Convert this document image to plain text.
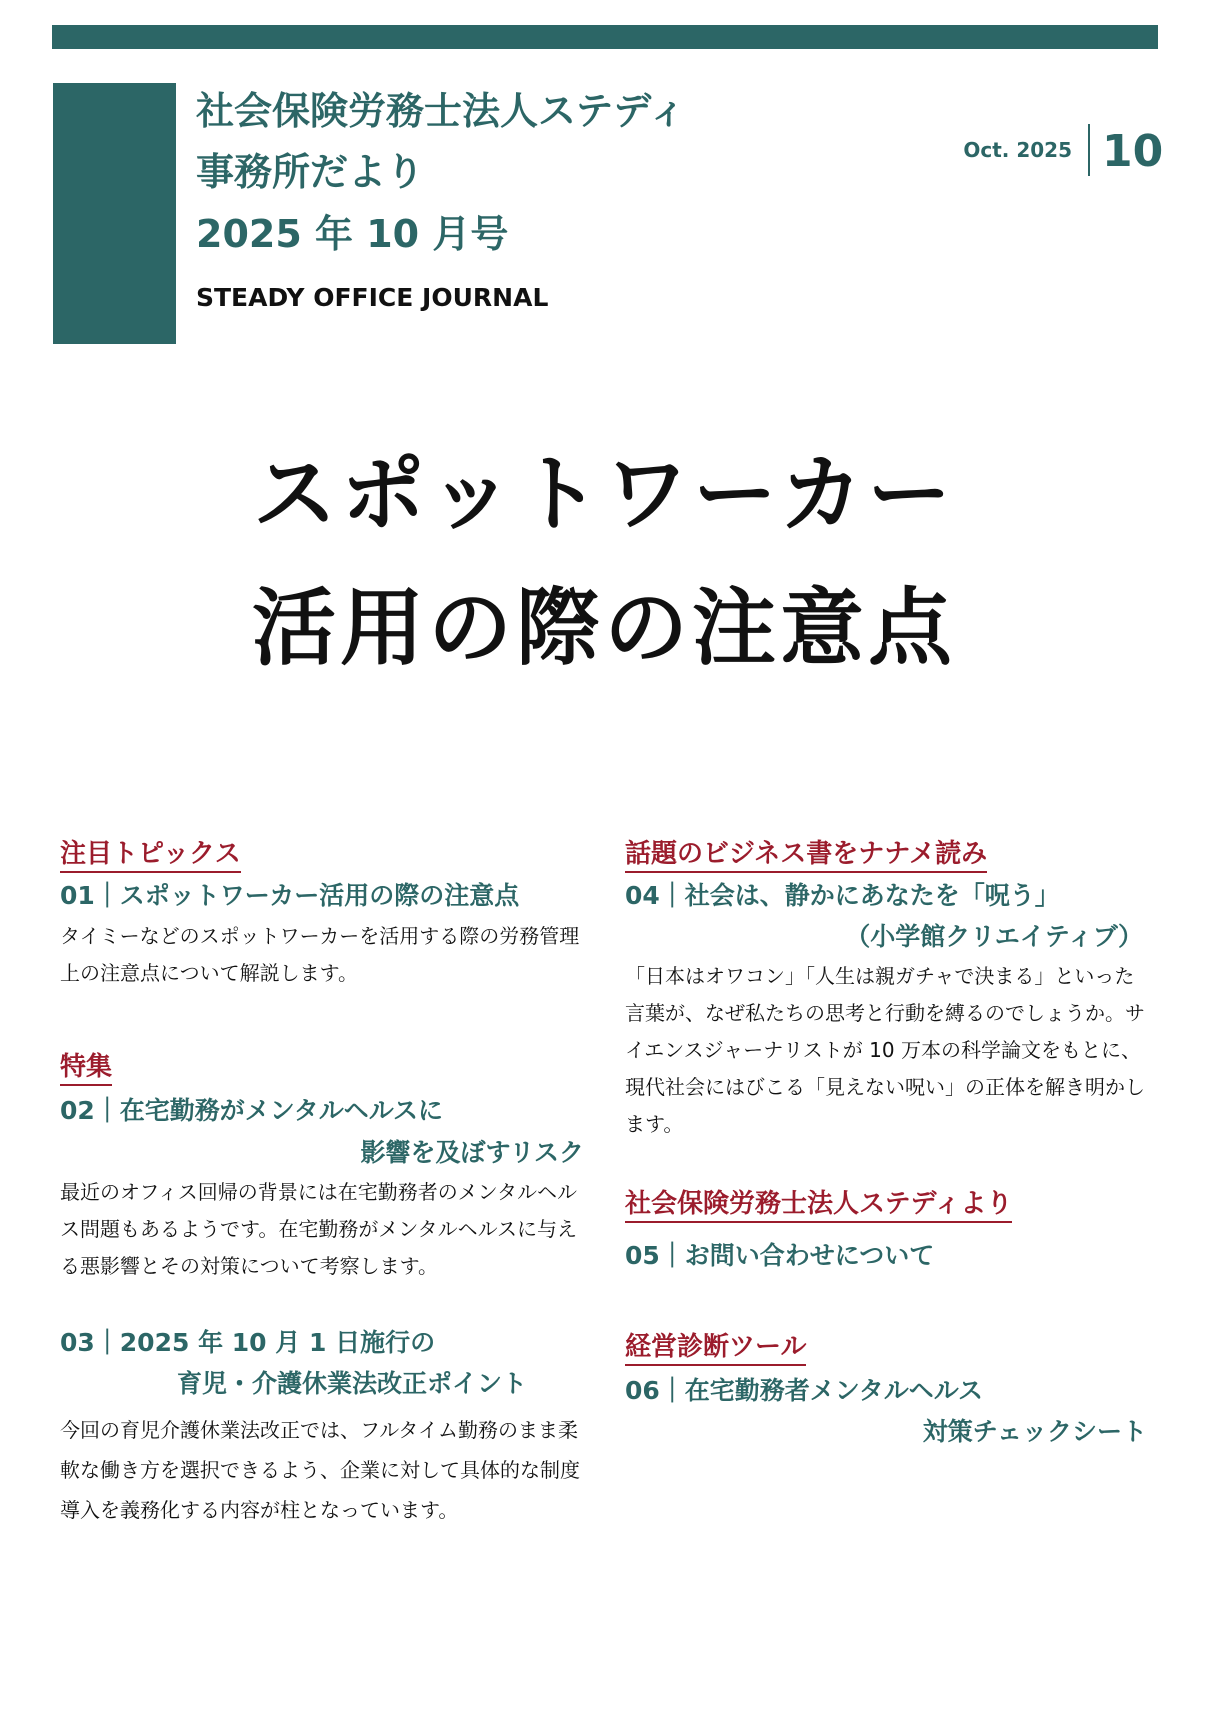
社会保険労務士法人ステディ
事務所だより
2025 年 10 月号
STEADY OFFICE JOURNAL
Oct. 2025 10
スポットワーカー
活用の際の注意点
注目トピックス
01｜スポットワーカー活用の際の注意点
タイミーなどのスポットワーカーを活用する際の労務管理上の注意点について解説します。
特集
02｜在宅勤務がメンタルヘルスに
影響を及ぼすリスク
最近のオフィス回帰の背景には在宅勤務者のメンタルヘルス問題もあるようです。在宅勤務がメンタルヘルスに与える悪影響とその対策について考察します。
03｜2025 年 10 月 1 日施行の
育児・介護休業法改正ポイント
今回の育児介護休業法改正では、フルタイム勤務のまま柔軟な働き方を選択できるよう、企業に対して具体的な制度導入を義務化する内容が柱となっています。
話題のビジネス書をナナメ読み
04｜社会は、静かにあなたを「呪う」
（小学館クリエイティブ）
「日本はオワコン」「人生は親ガチャで決まる」といった言葉が、なぜ私たちの思考と行動を縛るのでしょうか。サイエンスジャーナリストが 10 万本の科学論文をもとに、現代社会にはびこる「見えない呪い」の正体を解き明かします。
社会保険労務士法人ステディより
05｜お問い合わせについて
経営診断ツール
06｜在宅勤務者メンタルヘルス
対策チェックシート
